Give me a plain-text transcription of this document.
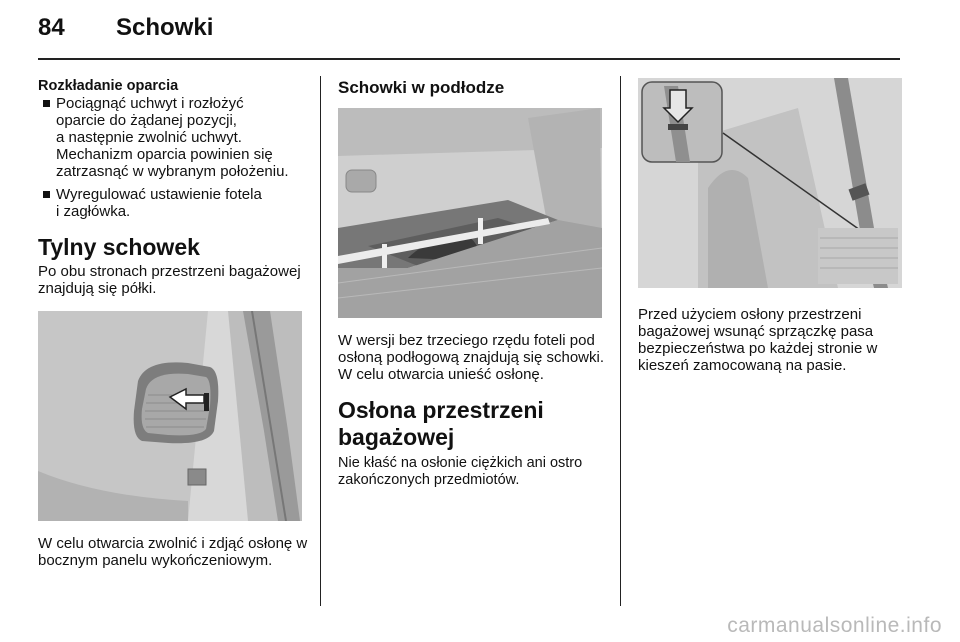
84 Schowki

Rozkładanie oparcia

Pociągnąć uchwyt i rozłożyć
oparcie do żądanej pozycji,
a następnie zwolnić uchwyt.
Mechanizm oparcia powinien się
zatrzasnąć w wybranym położeniu.
Wyregulować ustawienie fotela
i zagłówka.

Tylny schowek

Po obu stronach przestrzeni bagażowej znajdują się półki.

W celu otwarcia zwolnić i zdjąć osłonę w bocznym panelu wykończeniowym.

Schowki w podłodze

W wersji bez trzeciego rzędu foteli pod osłoną podłogową znajdują się schowki. W celu otwarcia unieść osłonę.

Osłona przestrzeni bagażowej

Nie kłaść na osłonie ciężkich ani ostro zakończonych przedmiotów.

Przed użyciem osłony przestrzeni bagażowej wsunąć sprzączkę pasa bezpieczeństwa po każdej stronie w kieszeń zamocowaną na pasie.

carmanualsonline.info
